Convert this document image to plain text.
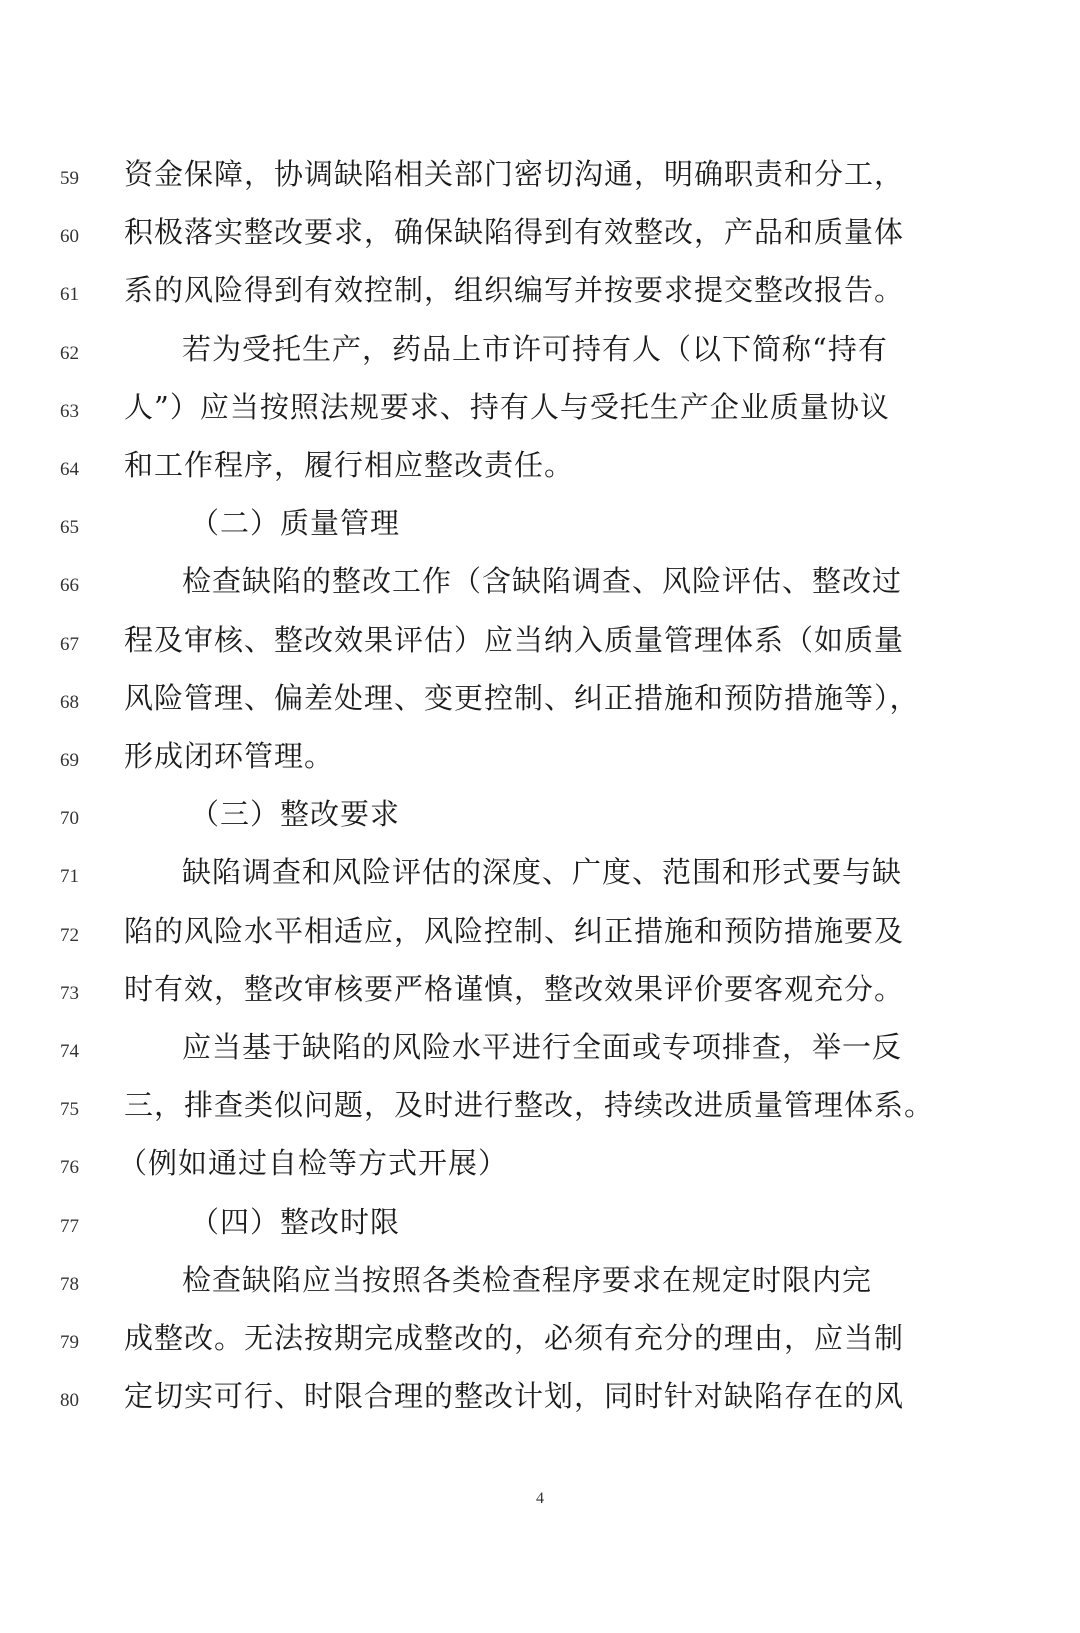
59	资金保障，协调缺陷相关部门密切沟通，明确职责和分工，
60	积极落实整改要求，确保缺陷得到有效整改，产品和质量体
61	系的风险得到有效控制，组织编写并按要求提交整改报告。
62	若为受托生产，药品上市许可持有人（以下简称“持有
63	人”）应当按照法规要求、持有人与受托生产企业质量协议
64	和工作程序，履行相应整改责任。
65	（二）质量管理
66	检查缺陷的整改工作（含缺陷调查、风险评估、整改过
67	程及审核、整改效果评估）应当纳入质量管理体系（如质量
68	风险管理、偏差处理、变更控制、纠正措施和预防措施等），
69	形成闭环管理。
70	（三）整改要求
71	缺陷调查和风险评估的深度、广度、范围和形式要与缺
72	陷的风险水平相适应，风险控制、纠正措施和预防措施要及
73	时有效，整改审核要严格谨慎，整改效果评价要客观充分。
74	应当基于缺陷的风险水平进行全面或专项排查，举一反
75	三，排查类似问题，及时进行整改，持续改进质量管理体系。
76	（例如通过自检等方式开展）
77	（四）整改时限
78	检查缺陷应当按照各类检查程序要求在规定时限内完
79	成整改。无法按期完成整改的，必须有充分的理由，应当制
80	定切实可行、时限合理的整改计划，同时针对缺陷存在的风
4
